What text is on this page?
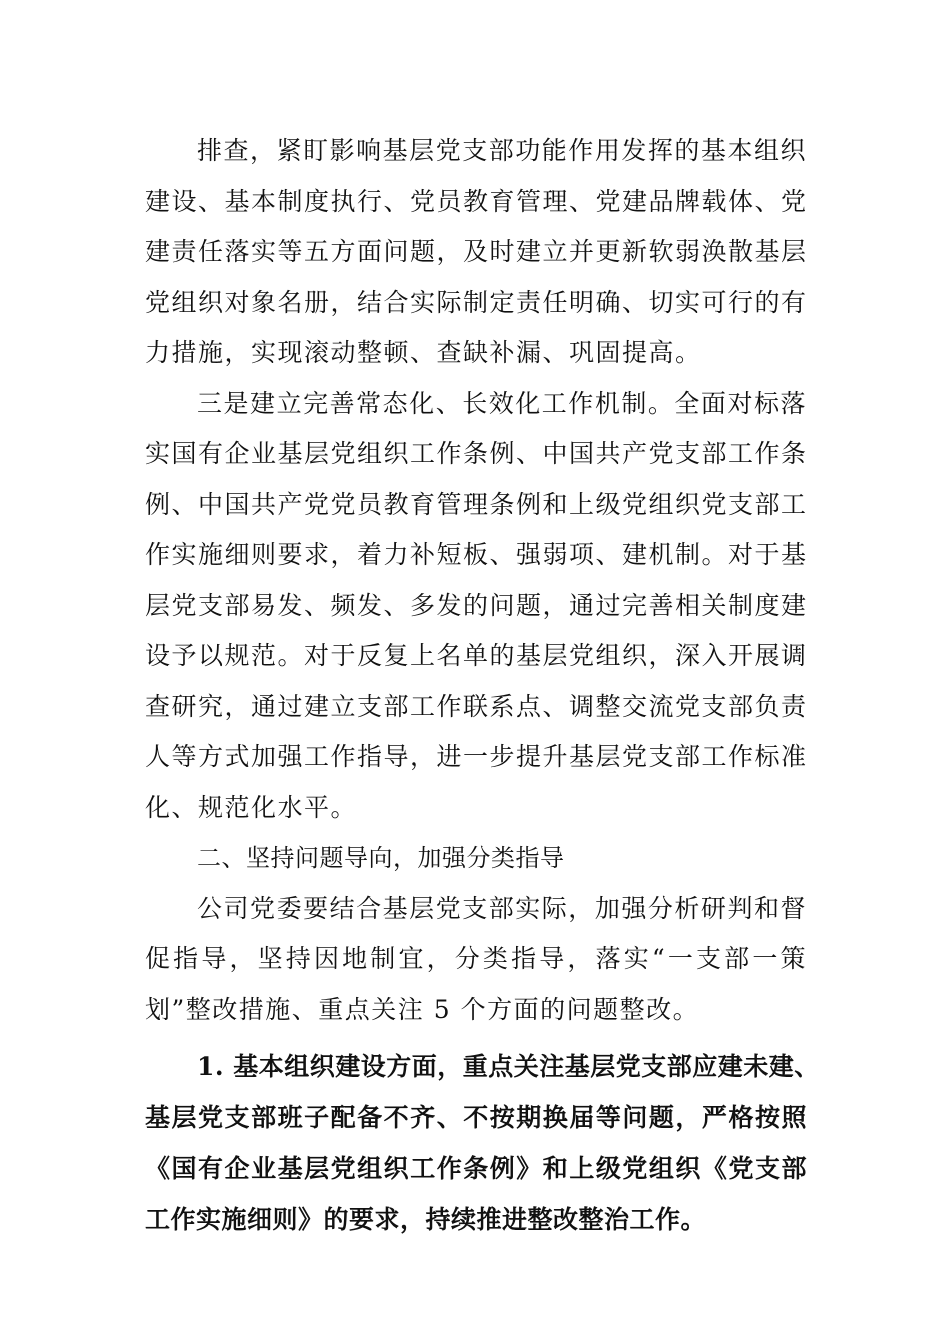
排查，紧盯影响基层党支部功能作用发挥的基本组织
建设、基本制度执行、党员教育管理、党建品牌载体、党
建责任落实等五方面问题，及时建立并更新软弱涣散基层
党组织对象名册，结合实际制定责任明确、切实可行的有
力措施，实现滚动整顿、查缺补漏、巩固提高。

三是建立完善常态化、长效化工作机制。全面对标落
实国有企业基层党组织工作条例、中国共产党支部工作条
例、中国共产党党员教育管理条例和上级党组织党支部工
作实施细则要求，着力补短板、强弱项、建机制。对于基
层党支部易发、频发、多发的问题，通过完善相关制度建
设予以规范。对于反复上名单的基层党组织，深入开展调
查研究，通过建立支部工作联系点、调整交流党支部负责
人等方式加强工作指导，进一步提升基层党支部工作标准
化、规范化水平。

二、坚持问题导向，加强分类指导

公司党委要结合基层党支部实际，加强分析研判和督
促指导，坚持因地制宜，分类指导，落实“一支部一策
划”整改措施、重点关注 5 个方面的问题整改。

1. 基本组织建设方面，重点关注基层党支部应建未建、
基层党支部班子配备不齐、不按期换届等问题，严格按照
《国有企业基层党组织工作条例》和上级党组织《党支部
工作实施细则》的要求，持续推进整改整治工作。
